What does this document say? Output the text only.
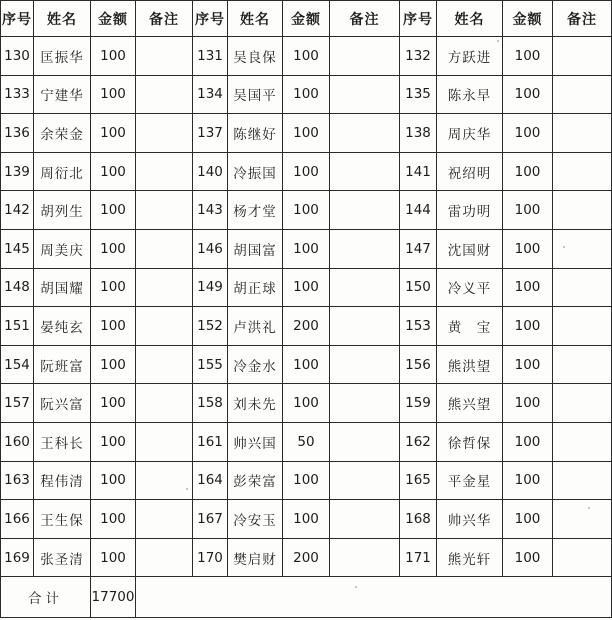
序号	姓名	金额	备注	序号	姓名	金额	备注	序号	姓名	金额	备注
130	匡振华	100		131	吴良保	100		132	方跃进	100	
133	宁建华	100		134	吴国平	100		135	陈永早	100	
136	余荣金	100		137	陈继好	100		138	周庆华	100	
139	周衍北	100		140	冷振国	100		141	祝绍明	100	
142	胡列生	100		143	杨才堂	100		144	雷功明	100	
145	周美庆	100		146	胡国富	100		147	沈国财	100	
148	胡国耀	100		149	胡正球	100		150	冷义平	100	
151	晏纯玄	100		152	卢洪礼	200		153	黄　宝	100	
154	阮班富	100		155	冷金水	100		156	熊洪望	100	
157	阮兴富	100		158	刘未先	100		159	熊兴望	100	
160	王科长	100		161	帅兴国	50		162	徐哲保	100	
163	程伟清	100		164	彭荣富	100		165	平金星	100	
166	王生保	100		167	冷安玉	100		168	帅兴华	100	
169	张圣清	100		170	樊启财	200		171	熊光轩	100	
合计		17700									
